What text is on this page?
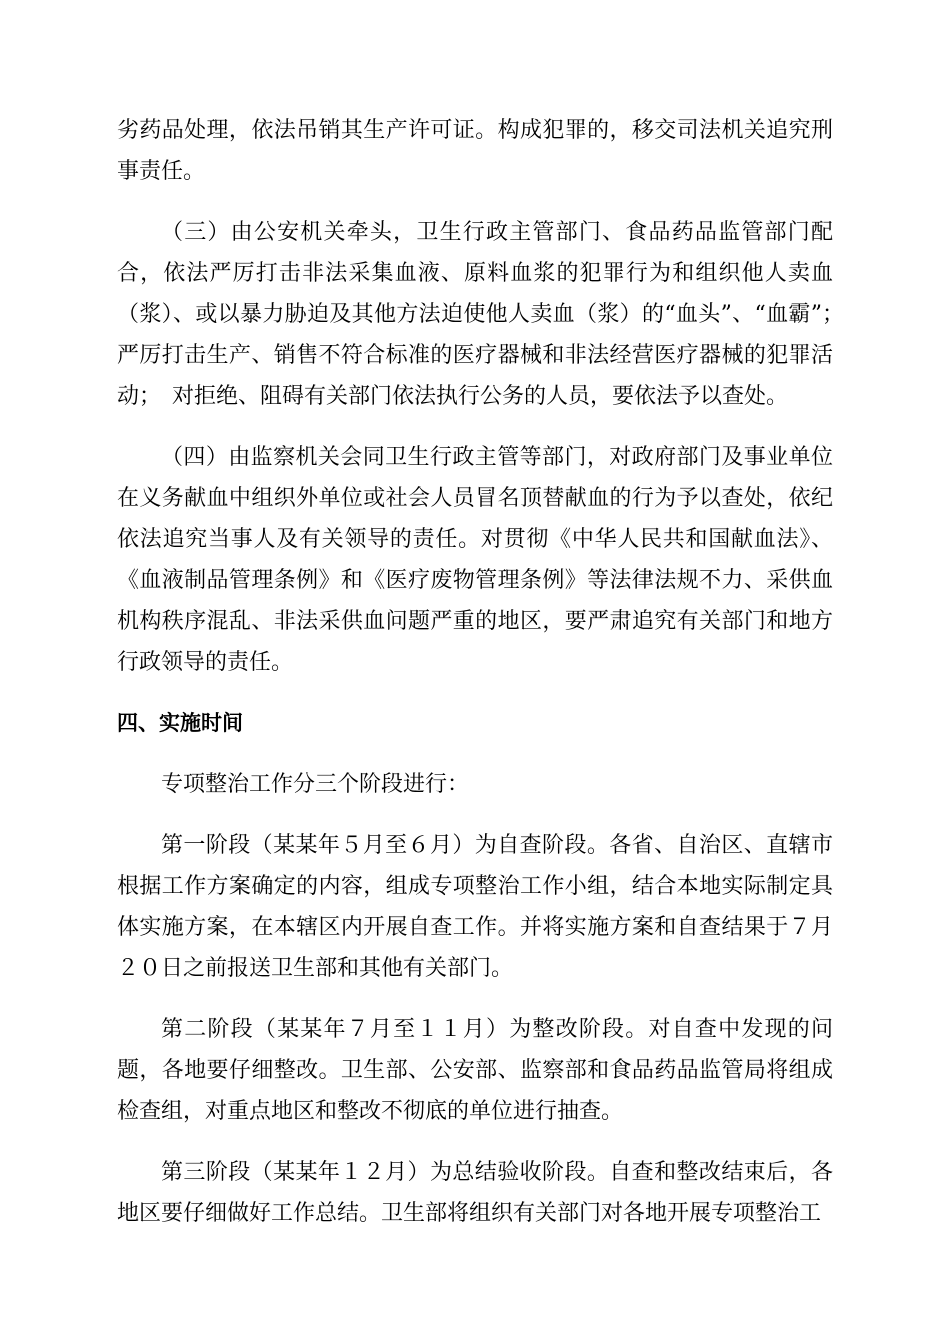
劣药品处理，依法吊销其生产许可证。构成犯罪的，移交司法机关追究刑事责任。

（三）由公安机关牵头，卫生行政主管部门、食品药品监管部门配合，依法严厉打击非法采集血液、原料血浆的犯罪行为和组织他人卖血（浆）、或以暴力胁迫及其他方法迫使他人卖血（浆）的“血头”、“血霸”；　严厉打击生产、销售不符合标准的医疗器械和非法经营医疗器械的犯罪活动；　对拒绝、阻碍有关部门依法执行公务的人员，要依法予以查处。

（四）由监察机关会同卫生行政主管等部门，对政府部门及事业单位在义务献血中组织外单位或社会人员冒名顶替献血的行为予以查处，依纪依法追究当事人及有关领导的责任。对贯彻《中华人民共和国献血法》、《血液制品管理条例》和《医疗废物管理条例》等法律法规不力、采供血机构秩序混乱、非法采供血问题严重的地区，要严肃追究有关部门和地方行政领导的责任。

四、实施时间

专项整治工作分三个阶段进行：

第一阶段（某某年５月至６月）为自查阶段。各省、自治区、直辖市根据工作方案确定的内容，组成专项整治工作小组，结合本地实际制定具体实施方案，在本辖区内开展自查工作。并将实施方案和自查结果于７月２０日之前报送卫生部和其他有关部门。

第二阶段（某某年７月至１１月）为整改阶段。对自查中发现的问题，各地要仔细整改。卫生部、公安部、监察部和食品药品监管局将组成检查组，对重点地区和整改不彻底的单位进行抽查。

第三阶段（某某年１２月）为总结验收阶段。自查和整改结束后，各地区要仔细做好工作总结。卫生部将组织有关部门对各地开展专项整治工
